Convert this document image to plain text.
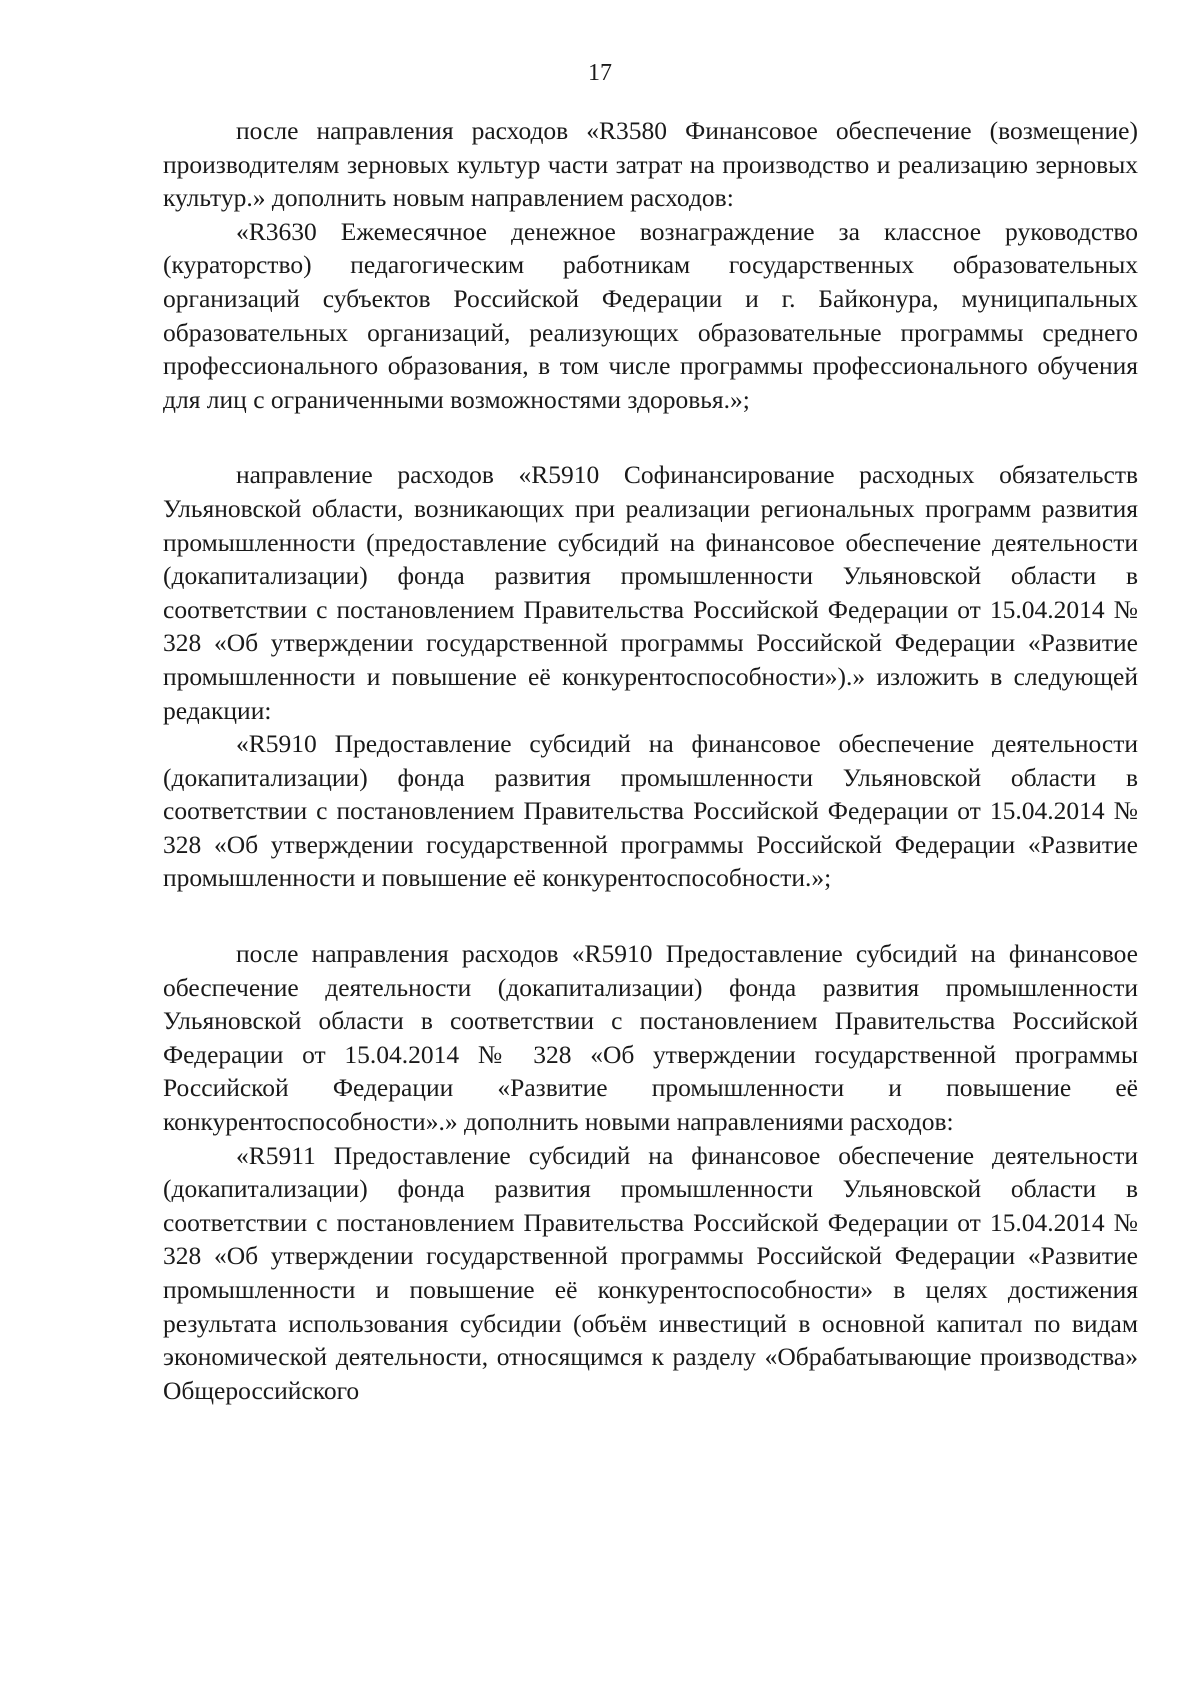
17

после направления расходов «R3580 Финансовое обеспечение (возмещение) производителям зерновых культур части затрат на производство и реализацию зерновых культур.» дополнить новым направлением расходов:

«R3630 Ежемесячное денежное вознаграждение за классное руководство (кураторство) педагогическим работникам государственных образовательных организаций субъектов Российской Федерации и г. Байконура, муниципальных образовательных организаций, реализующих образовательные программы среднего профессионального образования, в том числе программы профессионального обучения для лиц с ограниченными возможностями здоровья.»;

направление расходов «R5910 Софинансирование расходных обязательств Ульяновской области, возникающих при реализации региональных программ развития промышленности (предоставление субсидий на финансовое обеспечение деятельности (докапитализации) фонда развития промышленности Ульяновской области в соответствии с постановлением Правительства Российской Федерации от 15.04.2014 № 328 «Об утверждении государственной программы Российской Федерации «Развитие промышленности и повышение её конкурентоспособности»).» изложить в следующей редакции:

«R5910 Предоставление субсидий на финансовое обеспечение деятельности (докапитализации) фонда развития промышленности Ульяновской области в соответствии с постановлением Правительства Российской Федерации от 15.04.2014 № 328 «Об утверждении государственной программы Российской Федерации «Развитие промышленности и повышение её конкурентоспособности.»;

после направления расходов «R5910 Предоставление субсидий на финансовое обеспечение деятельности (докапитализации) фонда развития промышленности Ульяновской области в соответствии с постановлением Правительства Российской Федерации от 15.04.2014 № 328 «Об утверждении государственной программы Российской Федерации «Развитие промышленности и повышение её конкурентоспособности».» дополнить новыми направлениями расходов:

«R5911 Предоставление субсидий на финансовое обеспечение деятельности (докапитализации) фонда развития промышленности Ульяновской области в соответствии с постановлением Правительства Российской Федерации от 15.04.2014 № 328 «Об утверждении государственной программы Российской Федерации «Развитие промышленности и повышение её конкурентоспособности» в целях достижения результата использования субсидии (объём инвестиций в основной капитал по видам экономической деятельности, относящимся к разделу «Обрабатывающие производства» Общероссийского
